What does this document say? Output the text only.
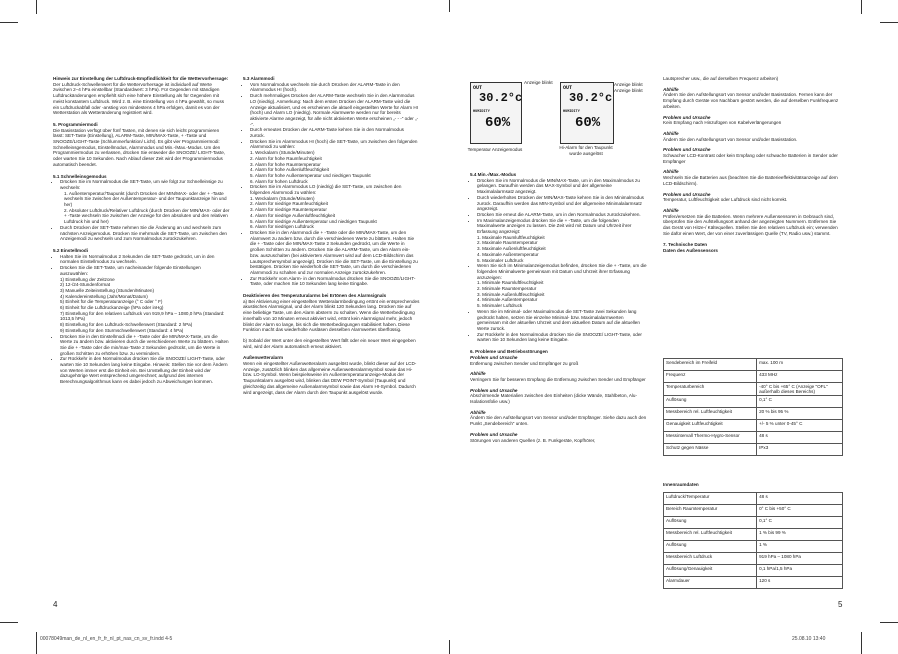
Hinweis zur Einstellung der Luftdruck-Empfindlichkeit für die Wettervorhersage:

Der Luftdruck-Schwellenwert für die Wettervorhersage ist individuell auf Werte zwischen 2–4 hPa einstellbar (Standardwert: 3 hPa). Für Gegenden mit ständigen Luftdruckänderungen empfiehlt sich eine höhere Einstellung als für Gegenden mit meist konstantem Luftdruck. Wird z. B. eine Einstellung von 4 hPa gewählt, so muss ein Luftdruckabfall oder -anstieg von mindestens 4 hPa erfolgen, damit es von der Wetterstation als Wetteränderung registriert wird.

5. Programmiermodi

Die Basisstation verfügt über fünf Tasten, mit denen sie sich leicht programmieren lässt: SET-Taste (Einstellung), ALARM-Taste, MIN/MAX-Taste, + -Taste und SNOOZE/LIGHT-Taste (Schlummerfunktion/ Licht). Es gibt vier Programmiermodi: Schnelleinsgemodus, Einstellmodus, Alarmmodus und Min.-/Max.-Modus. Um den Programmiermodus zu verlassen, drücken Sie entweder die SNOOZE/ LIGHT-Taste, oder warten Sie 10 Sekunden. Nach Ablauf dieser Zeit wird der Programmiermodus automatisch beendet.

5.1 Schnelleinsgemodus
• Drücken Sie im Normalmodus die SET-Taste, um wie folgt zur Schnelleinsige zu wechseln:
1. Außentemperatur/Taupunkt (durch Drücken der MIN/MAX- oder der + -Taste wechseln Sie zwischen der Außentemperatur- und der Taupunktanzeige hin und her)
2. Absoluter Luftdruck/Relativer Luftdruck (durch Drücken der MIN/MAX- oder der + -Taste wechseln Sie zwischen der Anzeige für den absoluten und den relativen Luftdruck hin und her)
• Durch Drücken der SET-Taste nehmen Sie die Änderung an und wechseln zum nächsten Anzeigemodus. Drücken Sie mehrmals die SET-Taste, um zwischen den Anzeigemodi zu wechseln und zum Normalmodus zurückzukehren.
5.2 Einstellmodi
• Halten Sie im Normalmodus 2 Sekunden die SET-Taste gedrückt, um in den normalen Einstellmodus zu wechseln.
• Drücken Sie die SET-Taste, um nacheinander folgende Einstellungen auszuwählen:
1) Einstellung der Zeitzone
2) 12-/24-Stundenformat
3) Manuelle Zeiteinstellung (Stunden/Minuten)
4) Kalendereinstellung (Jahr/Monat/Datum)
5) Einheit für die Temperaturanzeige (° C oder ° F)
6) Einheit für die Luftdruckanzeige (hPa oder inHg)
7) Einstellung für den relativen Luftdruck von 919,9 hPa – 1080,0 hPa (Standard: 1013,5 hPa)
8) Einstellung für den Luftdruck-Schwellenwert (Standard: 2 hPa)
9) Einstellung für den Sturmschwellenwert (Standard: 4 hPa)
• Drücken Sie in den Einstellmodi die + -Taste oder die MIN/MAX-Taste, um die Werte zu ändern bzw. aktivieren durch die verschiedenen Werte zu blättern. Halten Sie die + -Taste oder die min/max-Taste 2 Sekunden gedrückt, um die Werte in großen Schritten zu erhöhen bzw. zu vermindern.
• Zur Rückkehr in den Normalmodus drücken Sie die SNOOZE/ LIGHT-Taste, oder warten Sie 10 Sekunden lang keine Eingabe. Hinweis: Stellen Sie vor dem Ändern von Werten immer erst die Einheit ein. Bei Umstellung der Einheit wird der dazugehörige Wert entsprechend umgerechnet; aufgrund des internen Berechnungsalgorithmus kann es dabei jedoch zu Abweichungen kommen.
5.3 Alarmmodi
• Vom Normalmodus wechseln Sie durch Drücken der ALARM-Taste in den Alarmmodus HI (hoch).
• Durch mehrmaliges Drücken der ALARM-Taste wechseln Sie in den Alarmmodus LO (niedrig). Anmerkung: Nach dem ersten Drücken der ALARM-Taste wird die Anzeige aktualisiert, und es erscheinen die aktuell eingestellten Werte für Alarm HI (hoch) und Alarm LO (niedrig). Normale Alarmwerte werden nur für bereits aktivierte Alarme angezeigt, für alle nicht aktivierten Werte erscheinen „- - -“ oder „- -“.
• Durch erneutes Drücken der ALARM-Taste kehren Sie in den Normalmodus zurück.
• Drücken Sie im Alarmmodus HI (hoch) die SET-Taste, um zwischen den folgenden Alarmmodi zu wählen:
1. Weckalarm (Stunde/Minuten)
2. Alarm für hohe Raumfeuchtigkeit
3. Alarm für hohe Raumtemperatur
4. Alarm für hohe Außenluftfeuchtigkeit
5. Alarm für hohe Außentemperatur und niedrigen Taupunkt
6. Alarm für hohen Luftdruck
• Drücken Sie im Alarmmodus LO (niedrig) die SET-Taste, um zwischen den folgenden Alarmmodi zu wählen:
1. Weckalarm (Stunde/Minuten)
2. Alarm für niedrige Raumfeuchtigkeit
3. Alarm für niedrige Raumtemperatur
4. Alarm für niedrige Außenluftfeuchtigkeit
5. Alarm für niedrige Außentemperatur und niedrigen Taupunkt
6. Alarm für niedrigen Luftdruck
• Drücken Sie in den Alarmmodi die + -Taste oder die MIN/MAX-Taste, um den Alarmwert zu ändern bzw. durch die verschiedenen Werte zu blättern. Halten Sie die + -Taste oder die MIN/MAX-Taste 2 Sekunden gedrückt, um die Werte in großen Schritten zu ändern. Drücken Sie die ALARM-Taste, um den Alarm ein- bzw. auszuschalten (bei aktiviertem Alarmwert wird auf dem LCD-Bildschirm das Lautsprechersymbol angezeigt). Drücken Sie die SET-Taste, um die Einstellung zu bestätigen. Drücken Sie wiederholt die SET-Taste, um durch die verschiedenen Alarmmodi zu schalten und zur normalen Anzeige zurückzukehren.
• Zur Rückkehr vom Alarm- in den Normalmodus drücken Sie die SNOOZE/LIGHT-Taste, oder machen Sie 10 Sekunden lang keine Eingabe.
Deaktivieren des Temperaturalarms bei Ertönen des Alarmsignals

a) Bei Aktivierung einer eingestellten Wetteralarmbedingung ertönt ein entsprechendes akustisches Alarmsignal, und der Alarm blinkt 120 Sekunden lang. Drücken Sie auf eine beliebige Taste, um den Alarm absterm zu schalten. Wenn die Wetterbedingung innerhalb von 10 Minuten erneut aktiviert wird, ertönt kein Alarmsignal mehr, jedoch blinkt der Alarm so lange, bis sich die Wetterbedingungen stabilisiert haben. Diese Funktion macht das wiederholte Ausläsen desselben Alarmwertes überflüssig.

b) Sobald der Wert unter den eingestellten Wert fällt oder ein neuer Wert eingegeben wird, wird der Alarm automatisch erneut aktiviert.

Außenwetteralarm

Wenn ein eingestellter Außenwetteralarm ausgelöst wurde, blinkt dieser auf der LCD-Anzeige, zusätzlich blinken das allgemeine Außenwetteralarmsymbol sowie das Hi- bzw. LO-Symbol. Wenn beispielsweise im Außentemperaturanzeige-Modus der Taupunktalarm ausgelöst wird, blinken das DEW POINT-Symbol (Taupunkt) und gleichzeitig das allgemeine Außenalarmsymbol sowie das Alarm HI-Symbol. Dadurch wird angezeigt, dass der Alarm durch den Taupunkt ausgelöst wurde.

OUT
30.2°c
HUMIDITY
60%
Anzeige blinkt
Temperatur Anzeigemodus
OUT
30.2°c
HUMIDITY
60%
Anzeige blinkt
Anzeige blinkt
Hi-Alarm für den Taupunkt wurde ausgelöst
5.4 Min.-/Max.-Modus
• Drücken Sie im Normalmodus die MIN/MAX-Taste, um in den Maximalmodus zu gelangen. Daraufhin werden das MAX-Symbol und der allgemeine Maximalalarmsatz angezeigt.
• Durch wiederholtes Drücken der MIN/MAX-Taste kehren Sie in den Minimalmodus zurück. Daraufhin werden das MIN-Symbol und der allgemeine Minimalalarmsatz angezeigt.
• Drücken Sie erneut die ALARM-Taste, um in den Normalmodus zurückzukehren.
• Im Maximalanzeigemodus drücken Sie die + -Taste, um die folgenden Maximalwerte anzeigen zu lassen. Die Zeit wird mit Datum und Uhrzeit ihrer Erfassung angezeigt:
1. Maximale Raumluftfeuchtigkeit
2. Maximale Raumtemperatur
3. Maximale Außenluftfeuchtigkeit
4. Maximale Außentemperatur
5. Maximaler Luftdruck
• Wenn Sie sich im Minimalanzeigemodus befinden, drücken Sie die + -Taste, um die folgenden Minimalwerte gemeinsam mit Datum und Uhrzeit ihrer Erfassung anzuzeigen:
1. Minimale Raumluftfeuchtigkeit
2. Minimale Raumtemperatur
3. Minimale Außenluftfeuchtigkeit
4. Minimale Außentemperatur
5. Minimaler Luftdruck
• Wenn Sie im Minimal- oder Maximalmodus die SET-Taste zwei Sekunden lang gedrückt halten, setzen Sie einzelne Minimal- bzw. Maximalalarmwerten gemeinsam mit der aktuellen Uhrzeit und dem aktuellen Datum auf die aktuellen Werte zurück.
• Zur Rückkehr in den Normalmodus drücken Sie die SNOOZE/ LIGHT-Taste, oder warten Sie 10 Sekunden lang keine Eingabe.
6. Probleme und Betriebsstörungen
Problem und Ursache

Entfernung zwischen Sender und Empfänger zu groß

Abhilfe

Verringern Sie für besseren Empfang die Entfernung zwischen Sender und Empfänger

Problem und Ursache

Abschirmende Materialien zwischen den Einheiten (dicke Wände, Stahlbeton, Alu-Isolationsfolie usw.)

Abhilfe

Ändern Sie den Aufstellungsort von Sensor und/oder Empfänger. Siehe dazu auch den Punkt „Sendebereich“ unten.

Problem und Ursache

Störungen von anderen Quellen (z. B. Funkgeräte, Kopfhörer,

Lautsprecher usw., die auf derselben Frequenz arbeiten)

Abhilfe

Ändern Sie den Aufstellungsort von Sensor und/oder Basisstation. Fernen kann der Empfang durch Geräte von Nachbarn gestört werden, die auf derselben Funkfrequenz arbeiten.

Problem und Ursache

Kein Empfang nach Hinzufügen von Kabelverlängerungen

Abhilfe

Ändern Sie den Aufstellungsort von Sensor und/oder Basisstation.

Problem und Ursache

Schwacher LCD-Kontrast oder kein Empfang oder schwache Batterien in Sender oder Empfänger

Abhilfe

Wechseln Sie die Batterien aus (beachten Sie die Batterieeffektivitätsanzeige auf dem LCD-Bildschirm).

Problem und Ursache

Temperatur, Luftfeuchtigkeit oder Luftdruck sind nicht korrekt.

Abhilfe

Prüfen/ersetzen Sie die Batterien. Wenn mehrere Außensensoren in Gebrauch sind, überprüfen Sie den Aufstellungsort anhand der angezeigten Nummern. Entfernen Sie das Gerät von Hitze-/ Kältequellen. Stellen Sie den relativen Luftdruck ein; verwenden Sie dafür einen Wert, der von einer zuverlässigen Quelle (TV, Radio usw.) stammt.

7. Technische Daten
Daten des Außensensors
Sendebereich im Freifeld	max. 100 m
Frequenz	433 MHz
Temperaturbereich	-40° C bis +65° C (Anzeige "OFL" außerhalb dieses Bereichs)
Auflösung	0,1° C
Messbereich rel. Luftfeuchtigkeit	20 % bis 95 %
Genauigkeit Luftfeuchtigkeit	+/- 5 % unter 0-45° C
Messintervall Thermo-Hygro-Sensor	48 s
Schutz gegen Nässe	IPx3
Innenraumdaten
Luftdruck/Temperatur	48 s
Bereich Raumtemperatur	0° C bis +50° C
Auflösung	0,1° C
Messbereich rel. Luftfeuchtigkeit	1 % bis 99 %
Auflösung	1 %
Messbereich Luftdruck	919 hPa – 1080 hPa
Auflösung/Genauigkeit	0,1 hPa/1,5 hPa
Alarmdauer	120 s
4	5
00078049man_de_nl_en_fr_fr_nl_pt_nas_cn_sv_fr.indd 4-5	25.08.10 13:40
